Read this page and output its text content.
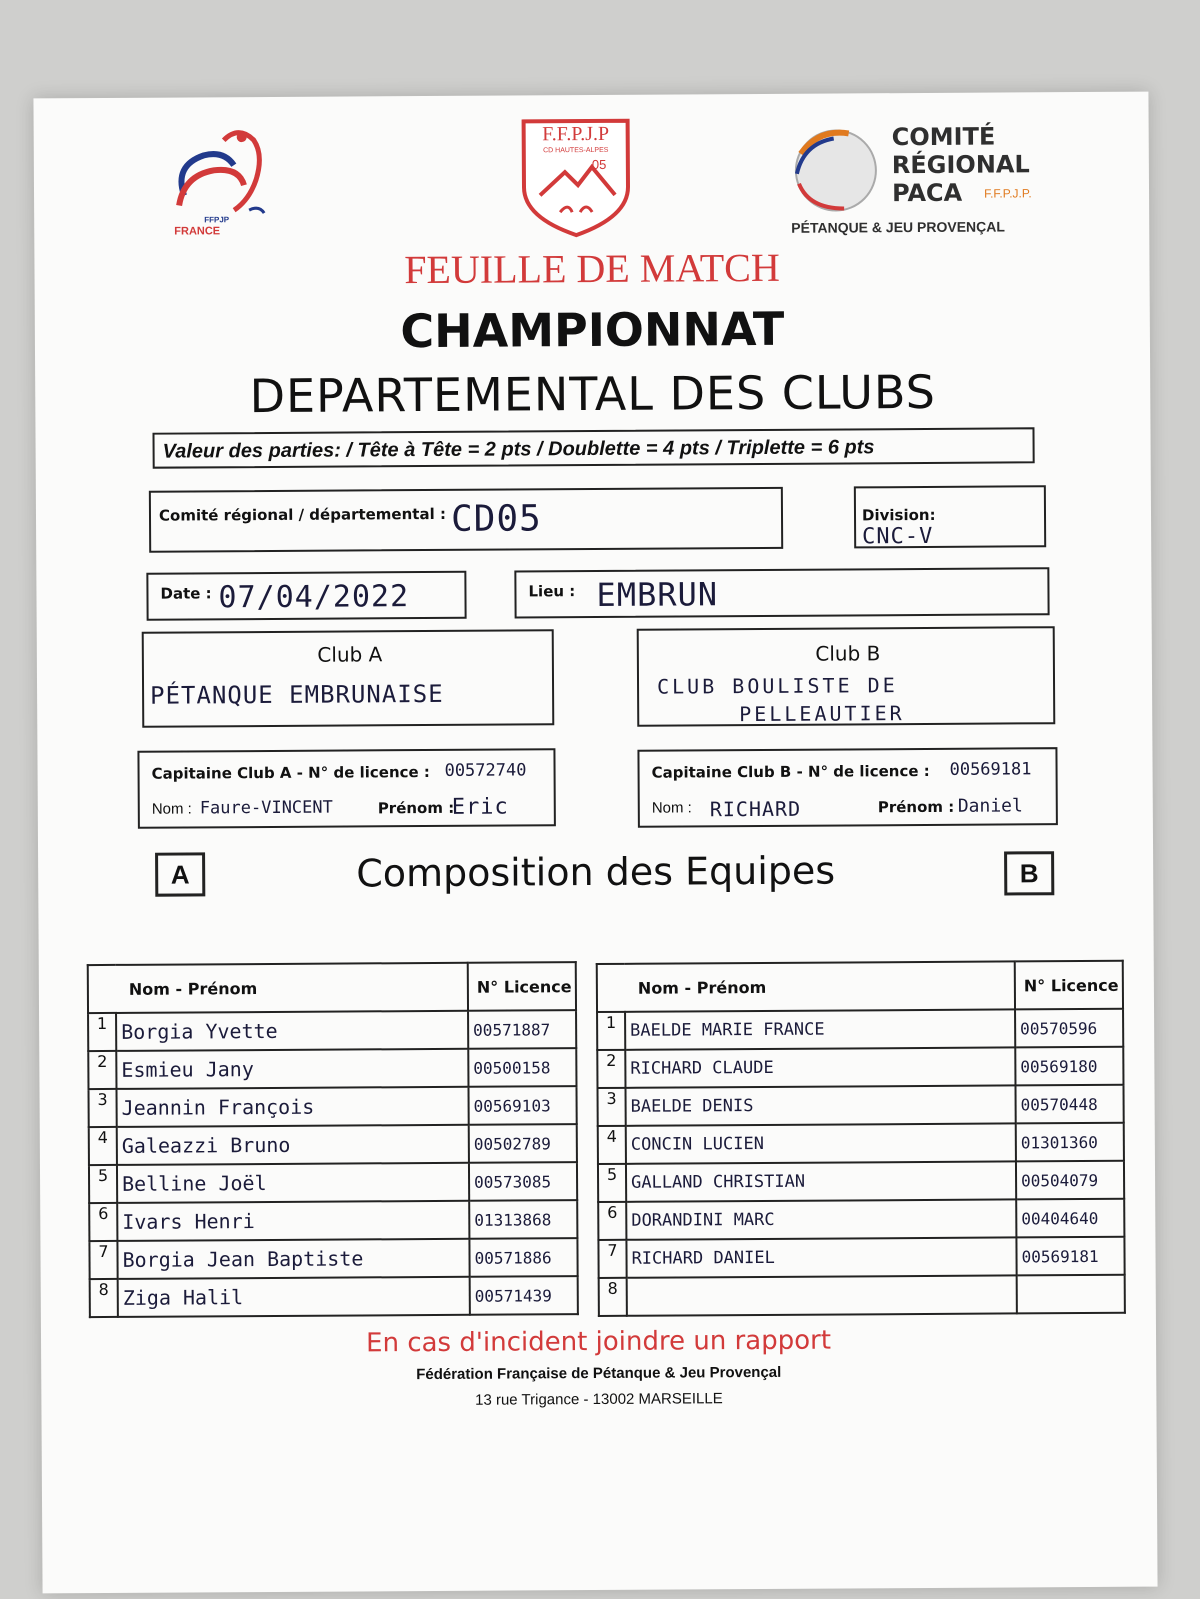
FFPJP
FRANCE
F.F.P.J.P
CD HAUTES-ALPES
05
COMITÉ
RÉGIONAL
PACA F.F.P.J.P.
PÉTANQUE & JEU PROVENÇAL
FEUILLE DE MATCH
CHAMPIONNAT
DEPARTEMENTAL DES CLUBS
Valeur des parties: / Tête à Tête = 2 pts / Doublette = 4 pts / Triplette = 6 pts
Comité régional / départemental : CD05	Division:
CNC-V
Date : 07/04/2022	Lieu : EMBRUN
Club A
PÉTANQUE EMBRUNAISE
Club B
CLUB BOULISTE DE
PELLEAUTIER
Capitaine Club A - N° de licence : 00572740
Nom : Faure-VINCENT	Prénom :
Eric
Capitaine Club B - N° de licence : 00569181
Nom : RICHARD	Prénom : Daniel
A	Composition des Equipes	B
Nom - Prénom		N° Licence
1	Borgia Yvette	00571887
2	Esmieu Jany	00500158
3	Jeannin François	00569103
4	Galeazzi Bruno	00502789
5	Belline Joël	00573085
6	Ivars Henri	01313868
7	Borgia Jean Baptiste	00571886
8	Ziga Halil	00571439
Nom - Prénom		N° Licence
1	BAELDE MARIE FRANCE	00570596
2	RICHARD CLAUDE	00569180
3	BAELDE DENIS	00570448
4	CONCIN LUCIEN	01301360
5	GALLAND CHRISTIAN	00504079
6	DORANDINI MARC	00404640
7	RICHARD DANIEL	00569181
8		
En cas d'incident joindre un rapport
Fédération Française de Pétanque & Jeu Provençal
13 rue Trigance - 13002 MARSEILLE
